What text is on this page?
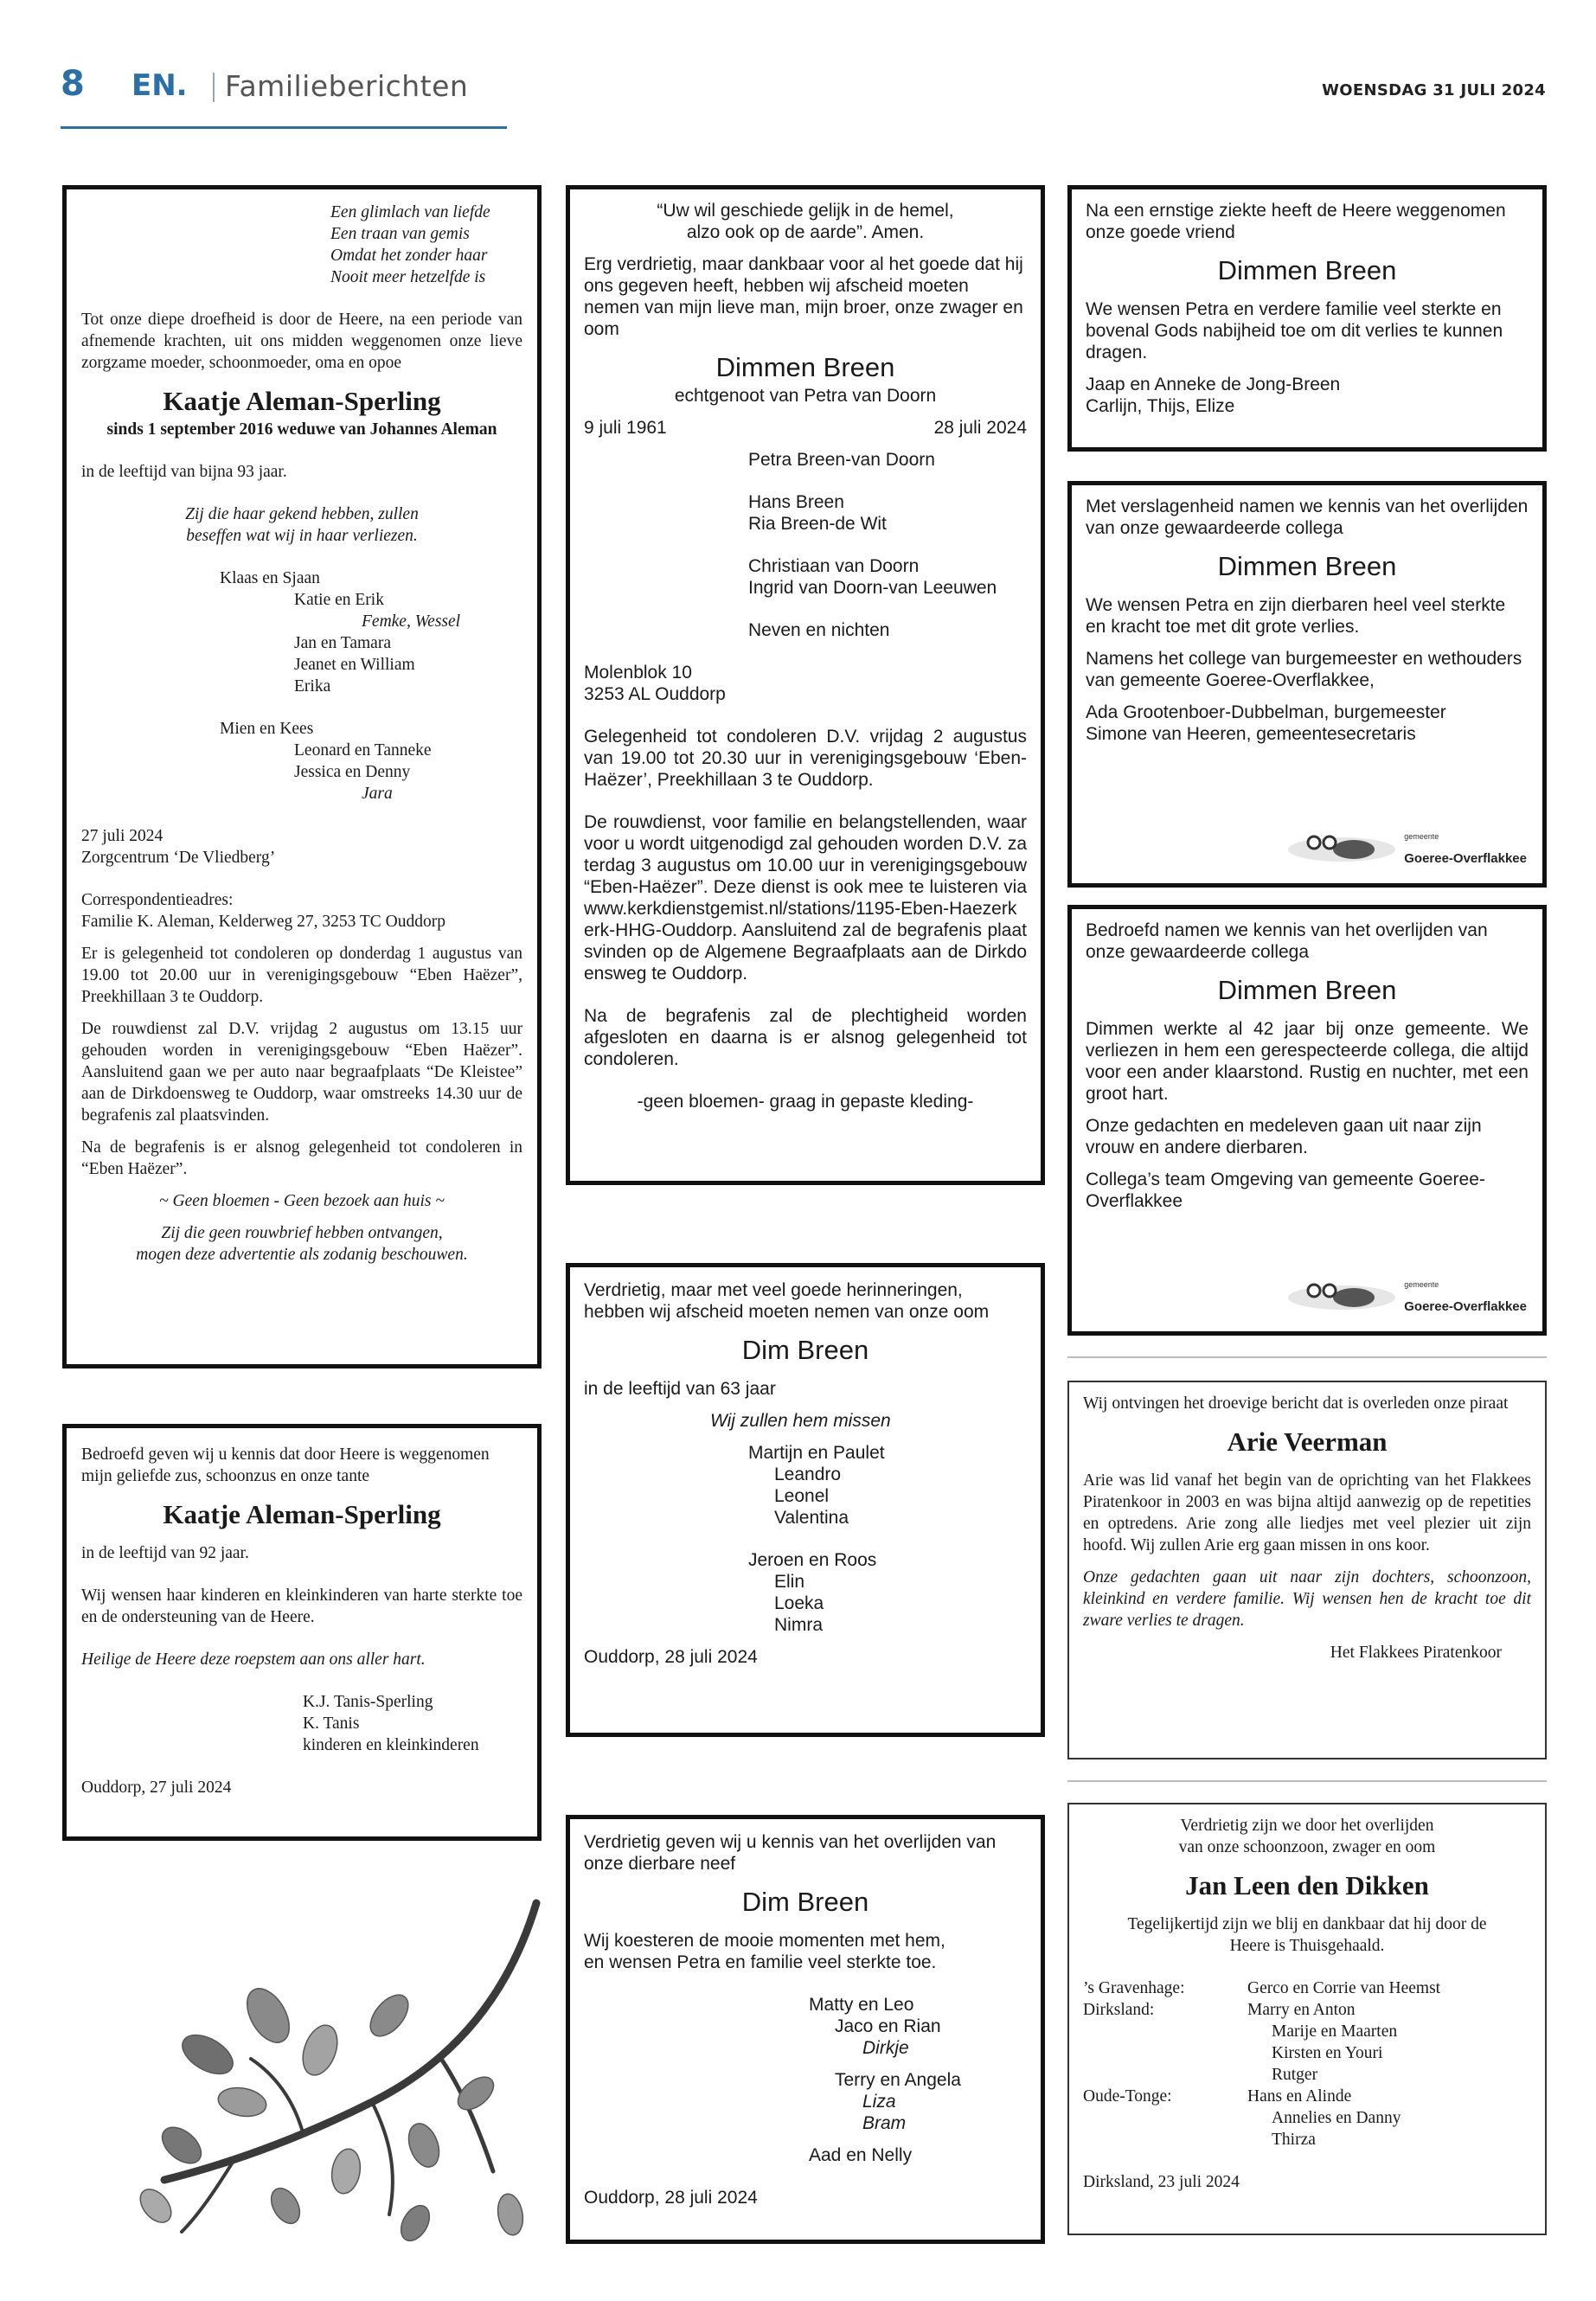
8 EN. Familieberichten	WOENSDAG 31 JULI 2024

Een glimlach van liefde

Een traan van gemis

Omdat het zonder haar

Nooit meer hetzelfde is

Tot onze diepe droefheid is door de Heere, na een periode van afnemende krachten, uit ons midden weggenomen onze lieve zorgzame moeder, schoonmoeder, oma en opoe

Kaatje Aleman-Sperling

sinds 1 september 2016 weduwe van Johannes Aleman

in de leeftijd van bijna 93 jaar.

Zij die haar gekend hebben, zullen

beseffen wat wij in haar verliezen.

Klaas en Sjaan

Katie en Erik

Femke, Wessel

Jan en Tamara

Jeanet en William

Erika

Mien en Kees

Leonard en Tanneke

Jessica en Denny

Jara

27 juli 2024

Zorgcentrum ‘De Vliedberg’

Correspondentieadres:

Familie K. Aleman, Kelderweg 27, 3253 TC Ouddorp

Er is gelegenheid tot condoleren op donderdag 1 augustus van 19.00 tot 20.00 uur in verenigingsgebouw “Eben Haëzer”, Preekhillaan 3 te Ouddorp.

De rouwdienst zal D.V. vrijdag 2 augustus om 13.15 uur gehouden worden in verenigingsgebouw “Eben Haëzer”. Aansluitend gaan we per auto naar begraafplaats “De Kleistee” aan de Dirkdoensweg te Ouddorp, waar omstreeks 14.30 uur de begrafenis zal plaatsvinden.

Na de begrafenis is er alsnog gelegenheid tot condoleren in “Eben Haëzer”.

~ Geen bloemen - Geen bezoek aan huis ~

Zij die geen rouwbrief hebben ontvangen,

mogen deze advertentie als zodanig beschouwen.

Bedroefd geven wij u kennis dat door Heere is weggenomen mijn geliefde zus, schoonzus en onze tante

Kaatje Aleman-Sperling

in de leeftijd van 92 jaar.

Wij wensen haar kinderen en kleinkinderen van harte sterkte toe en de ondersteuning van de Heere.

Heilige de Heere deze roepstem aan ons aller hart.

K.J. Tanis-Sperling

K. Tanis

kinderen en kleinkinderen

Ouddorp, 27 juli 2024

“Uw wil geschiede gelijk in de hemel,

alzo ook op de aarde”. Amen.

Erg verdrietig, maar dankbaar voor al het goede dat hij ons gegeven heeft, hebben wij afscheid moeten nemen van mijn lieve man, mijn broer, onze zwager en oom

Dimmen Breen

echtgenoot van Petra van Doorn

9 juli 1961	28 juli 2024

Petra Breen-van Doorn

Hans Breen

Ria Breen-de Wit

Christiaan van Doorn

Ingrid van Doorn-van Leeuwen

Neven en nichten

Molenblok 10

3253 AL Ouddorp

Gelegenheid tot condoleren D.V. vrijdag 2 augustus van 19.00 tot 20.30 uur in verenigingsgebouw ‘Eben-Haëzer’, Preekhillaan 3 te Ouddorp.

De rouwdienst, voor familie en belangstellenden, waarvoor u wordt uitgenodigd zal gehouden worden D.V. zaterdag 3 augustus om 10.00 uur in verenigingsgebouw “Eben-Haëzer”. Deze dienst is ook mee te luisteren via www.kerkdienstgemist.nl/stations/1195-Eben-Haezerkerk-HHG-Ouddorp. Aansluitend zal de begrafenis plaatsvinden op de Algemene Begraafplaats aan de Dirkdoensweg te Ouddorp.

Na de begrafenis zal de plechtigheid worden afgesloten en daarna is er alsnog gelegenheid tot condoleren.

-geen bloemen- graag in gepaste kleding-

Verdrietig, maar met veel goede herinneringen, hebben wij afscheid moeten nemen van onze oom

Dim Breen

in de leeftijd van 63 jaar

Wij zullen hem missen

Martijn en Paulet

Leandro

Leonel

Valentina

Jeroen en Roos

Elin

Loeka

Nimra

Ouddorp, 28 juli 2024

Verdrietig geven wij u kennis van het overlijden van onze dierbare neef

Dim Breen

Wij koesteren de mooie momenten met hem,

en wensen Petra en familie veel sterkte toe.

Matty en Leo

Jaco en Rian

Dirkje

Terry en Angela

Liza

Bram

Aad en Nelly

Ouddorp, 28 juli 2024

Na een ernstige ziekte heeft de Heere weggenomen onze goede vriend

Dimmen Breen

We wensen Petra en verdere familie veel sterkte en bovenal Gods nabijheid toe om dit verlies te kunnen dragen.

Jaap en Anneke de Jong-Breen

Carlijn, Thijs, Elize

Met verslagenheid namen we kennis van het overlijden van onze gewaardeerde collega

Dimmen Breen

We wensen Petra en zijn dierbaren heel veel sterkte en kracht toe met dit grote verlies.

Namens het college van burgemeester en wethouders van gemeente Goeree-Overflakkee,

Ada Grootenboer-Dubbelman, burgemeester

Simone van Heeren, gemeentesecretaris

gemeente
Goeree-Overflakkee

Bedroefd namen we kennis van het overlijden van onze gewaardeerde collega

Dimmen Breen

Dimmen werkte al 42 jaar bij onze gemeente. We verliezen in hem een gerespecteerde collega, die altijd voor een ander klaarstond. Rustig en nuchter, met een groot hart.

Onze gedachten en medeleven gaan uit naar zijn vrouw en andere dierbaren.

Collega’s team Omgeving van gemeente Goeree-Overflakkee

gemeente
Goeree-Overflakkee

Wij ontvingen het droevige bericht dat is overleden onze piraat

Arie Veerman

Arie was lid vanaf het begin van de oprichting van het Flakkees Piratenkoor in 2003 en was bijna altijd aanwezig op de repetities en optredens. Arie zong alle liedjes met veel plezier uit zijn hoofd. Wij zullen Arie erg gaan missen in ons koor.

Onze gedachten gaan uit naar zijn dochters, schoonzoon, kleinkind en verdere familie. Wij wensen hen de kracht toe dit zware verlies te dragen.

Het Flakkees Piratenkoor

Verdrietig zijn we door het overlijden

van onze schoonzoon, zwager en oom

Jan Leen den Dikken

Tegelijkertijd zijn we blij en dankbaar dat hij door de

Heere is Thuisgehaald.

’s Gravenhage:	Gerco en Corrie van Heemst
Dirksland:	Marry en Anton

Marije en Maarten

Kirsten en Youri

Rutger

Oude-Tonge:	Hans en Alinde

Annelies en Danny

Thirza

Dirksland, 23 juli 2024
